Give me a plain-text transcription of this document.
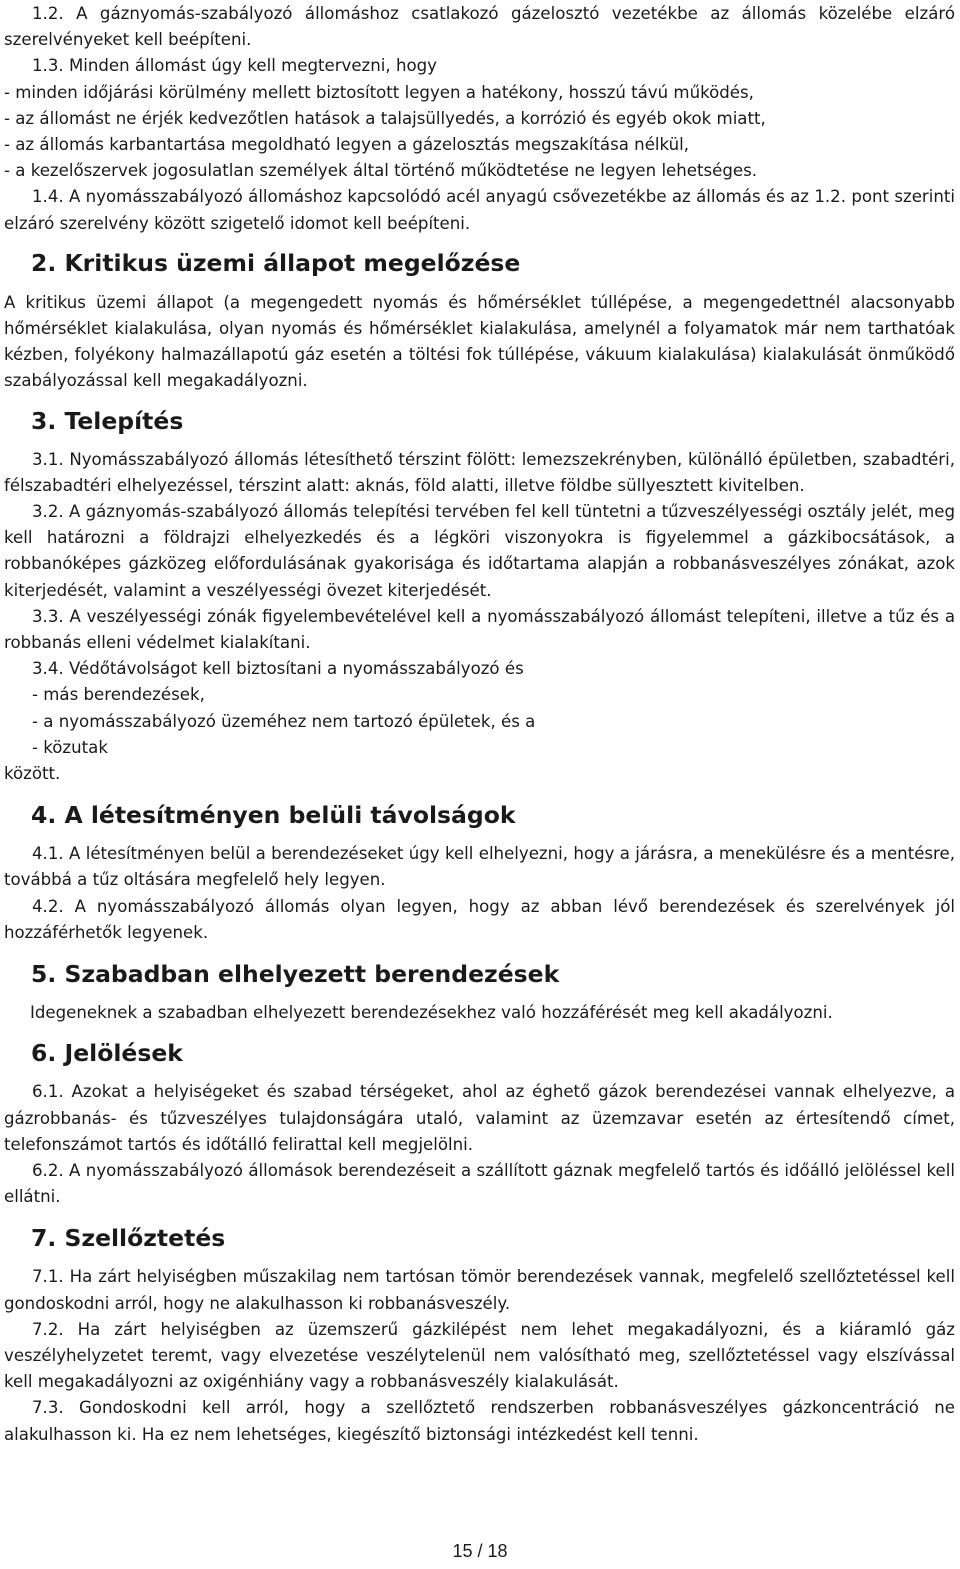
1.2. A gáznyomás-szabályozó állomáshoz csatlakozó gázelosztó vezetékbe az állomás közelébe elzáró szerelvényeket kell beépíteni.

1.3. Minden állomást úgy kell megtervezni, hogy

- minden időjárási körülmény mellett biztosított legyen a hatékony, hosszú távú működés,

- az állomást ne érjék kedvezőtlen hatások a talajsüllyedés, a korrózió és egyéb okok miatt,

- az állomás karbantartása megoldható legyen a gázelosztás megszakítása nélkül,

- a kezelőszervek jogosulatlan személyek által történő működtetése ne legyen lehetséges.

1.4. A nyomásszabályozó állomáshoz kapcsolódó acél anyagú csővezetékbe az állomás és az 1.2. pont szerinti elzáró szerelvény között szigetelő idomot kell beépíteni.

2. Kritikus üzemi állapot megelőzése

A kritikus üzemi állapot (a megengedett nyomás és hőmérséklet túllépése, a megengedettnél alacsonyabb hőmérséklet kialakulása, olyan nyomás és hőmérséklet kialakulása, amelynél a folyamatok már nem tarthatóak kézben, folyékony halmazállapotú gáz esetén a töltési fok túllépése, vákuum kialakulása) kialakulását önműködő szabályozással kell megakadályozni.

3. Telepítés

3.1. Nyomásszabályozó állomás létesíthető térszint fölött: lemezszekrényben, különálló épületben, szabadtéri, félszabadtéri elhelyezéssel, térszint alatt: aknás, föld alatti, illetve földbe süllyesztett kivitelben.

3.2. A gáznyomás-szabályozó állomás telepítési tervében fel kell tüntetni a tűzveszélyességi osztály jelét, meg kell határozni a földrajzi elhelyezkedés és a légköri viszonyokra is figyelemmel a gázkibocsátások, a robbanóképes gázközeg előfordulásának gyakorisága és időtartama alapján a robbanásveszélyes zónákat, azok kiterjedését, valamint a veszélyességi övezet kiterjedését.

3.3. A veszélyességi zónák figyelembevételével kell a nyomásszabályozó állomást telepíteni, illetve a tűz és a robbanás elleni védelmet kialakítani.

3.4. Védőtávolságot kell biztosítani a nyomásszabályozó és

- más berendezések,

- a nyomásszabályozó üzeméhez nem tartozó épületek, és a

- közutak

között.

4. A létesítményen belüli távolságok

4.1. A létesítményen belül a berendezéseket úgy kell elhelyezni, hogy a járásra, a menekülésre és a mentésre, továbbá a tűz oltására megfelelő hely legyen.

4.2. A nyomásszabályozó állomás olyan legyen, hogy az abban lévő berendezések és szerelvények jól hozzáférhetők legyenek.

5. Szabadban elhelyezett berendezések

Idegeneknek a szabadban elhelyezett berendezésekhez való hozzáférését meg kell akadályozni.

6. Jelölések

6.1. Azokat a helyiségeket és szabad térségeket, ahol az éghető gázok berendezései vannak elhelyezve, a gázrobbanás- és tűzveszélyes tulajdonságára utaló, valamint az üzemzavar esetén az értesítendő címet, telefonszámot tartós és időtálló felirattal kell megjelölni.

6.2. A nyomásszabályozó állomások berendezéseit a szállított gáznak megfelelő tartós és időálló jelöléssel kell ellátni.

7. Szellőztetés

7.1. Ha zárt helyiségben műszakilag nem tartósan tömör berendezések vannak, megfelelő szellőztetéssel kell gondoskodni arról, hogy ne alakulhasson ki robbanásveszély.

7.2. Ha zárt helyiségben az üzemszerű gázkilépést nem lehet megakadályozni, és a kiáramló gáz veszélyhelyzetet teremt, vagy elvezetése veszélytelenül nem valósítható meg, szellőztetéssel vagy elszívással kell megakadályozni az oxigénhiány vagy a robbanásveszély kialakulását.

7.3. Gondoskodni kell arról, hogy a szellőztető rendszerben robbanásveszélyes gázkoncentráció ne alakulhasson ki. Ha ez nem lehetséges, kiegészítő biztonsági intézkedést kell tenni.

15 / 18
